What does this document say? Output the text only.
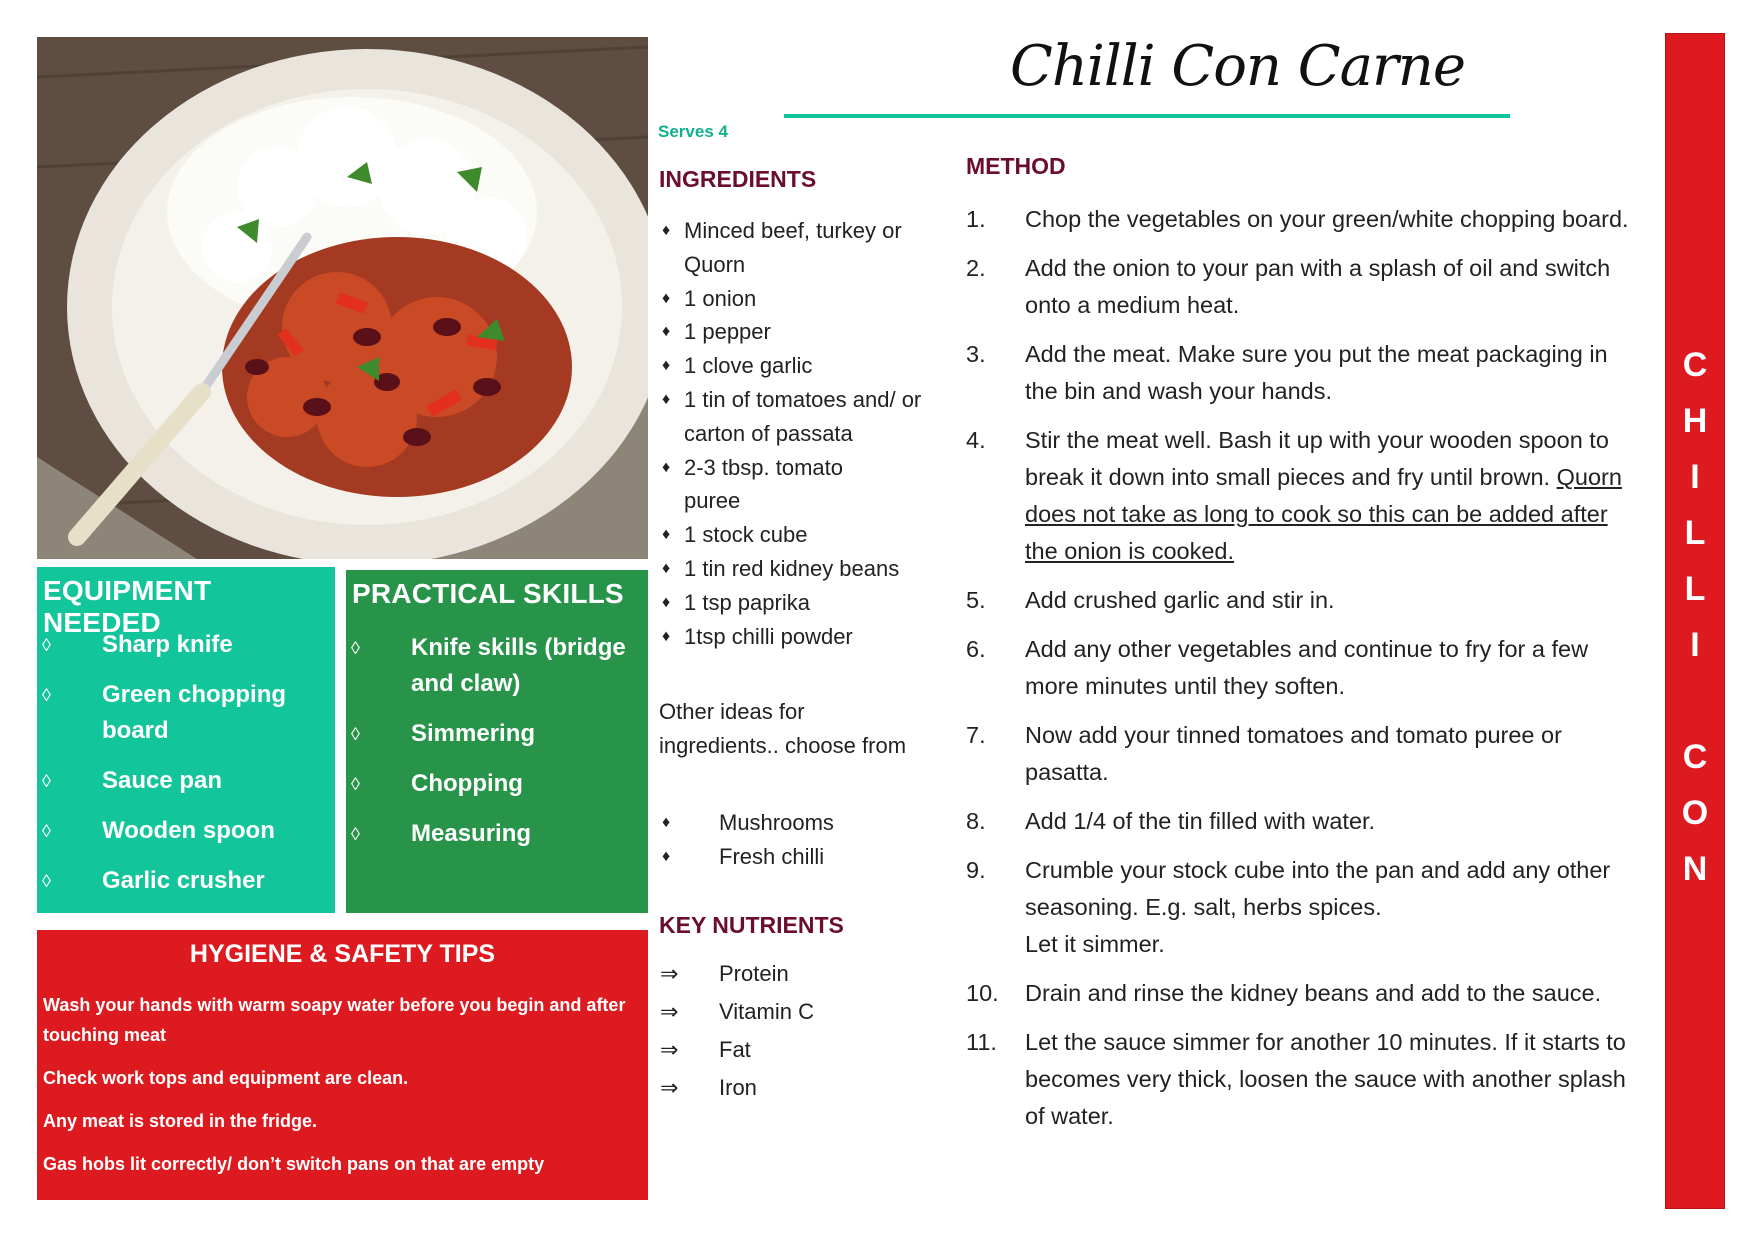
EQUIPMENT NEEDED
◊ Sharp knife
◊ Green chopping board
◊ Sauce pan
◊ Wooden spoon
◊ Garlic crusher
PRACTICAL SKILLS
◊ Knife skills (bridge and claw)
◊ Simmering
◊ Chopping
◊ Measuring
HYGIENE & SAFETY TIPS
Wash your hands with warm soapy water before you begin and after touching meat
Check work tops and equipment are clean.
Any meat is stored in the fridge.
Gas hobs lit correctly/ don’t switch pans on that are empty
Chilli Con Carne
Serves 4
INGREDIENTS
♦ Minced beef, turkey or Quorn
♦ 1 onion
♦ 1 pepper
♦ 1 clove garlic
♦ 1 tin of tomatoes and/ or carton of passata
♦ 2-3 tbsp. tomato puree
♦ 1 stock cube
♦ 1 tin red kidney beans
♦ 1 tsp paprika
♦ 1tsp chilli powder
Other ideas for ingredients.. choose from
♦ Mushrooms
♦ Fresh chilli
KEY NUTRIENTS
⇒ Protein
⇒ Vitamin C
⇒ Fat
⇒ Iron
METHOD
1. Chop the vegetables on your green/white chopping board.
2. Add the onion to your pan with a splash of oil and switch onto a medium heat.
3. Add the meat. Make sure you put the meat packaging in the bin and wash your hands.
4. Stir the meat well. Bash it up with your wooden spoon to break it down into small pieces and fry until brown. Quorn does not take as long to cook so this can be added after the onion is cooked.
5. Add crushed garlic and stir in.
6. Add any other vegetables and continue to fry for a few more minutes until they soften.
7. Now add your tinned tomatoes and tomato puree or pasatta.
8. Add 1/4 of the tin filled with water.
9. Crumble your stock cube into the pan and add any other seasoning. E.g. salt, herbs spices.
Let it simmer.
10. Drain and rinse the kidney beans and add to the sauce.
11. Let the sauce simmer for another 10 minutes. If it starts to becomes very thick, loosen the sauce with another splash of water.
CHILLI CON CARNE
